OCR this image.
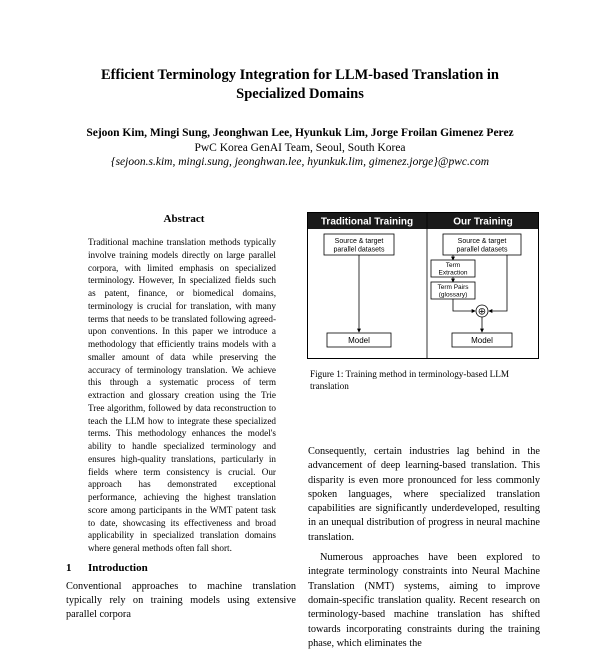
Efficient Terminology Integration for LLM-based Translation in
Specialized Domains
Sejoon Kim, Mingi Sung, Jeonghwan Lee, Hyunkuk Lim, Jorge Froilan Gimenez Perez
PwC Korea GenAI Team, Seoul, South Korea
{sejoon.s.kim, mingi.sung, jeonghwan.lee, hyunkuk.lim, gimenez.jorge}@pwc.com
Abstract
Traditional machine translation methods typically involve training models directly on large parallel corpora, with limited emphasis on specialized terminology. However, In specialized fields such as patent, finance, or biomedical domains, terminology is crucial for translation, with many terms that needs to be translated following agreed-upon conventions. In this paper we introduce a methodology that efficiently trains models with a smaller amount of data while preserving the accuracy of terminology translation. We achieve this through a systematic process of term extraction and glossary creation using the Trie Tree algorithm, followed by data reconstruction to teach the LLM how to integrate these specialized terms. This methodology enhances the model's ability to handle specialized terminology and ensures high-quality translations, particularly in fields where term consistency is crucial. Our approach has demonstrated exceptional performance, achieving the highest translation score among participants in the WMT patent task to date, showcasing its effectiveness and broad applicability in specialized translation domains where general methods often fall short.
1 Introduction
Conventional approaches to machine translation typically rely on training models using extensive parallel corpora
Traditional Training	Our Training
Source & target
parallel datasets
Model
Source & target
parallel datasets
Term
Extraction
Term Pairs
(glossary)
⊕
Model
Figure 1: Training method in terminology-based LLM translation
Consequently, certain industries lag behind in the advancement of deep learning-based translation. This disparity is even more pronounced for less commonly spoken languages, where specialized translation capabilities are significantly underdeveloped, resulting in an unequal distribution of progress in neural machine translation.
Numerous approaches have been explored to integrate terminology constraints into Neural Machine Translation (NMT) systems, aiming to improve domain-specific translation quality. Recent research on terminology-based machine translation has shifted towards incorporating constraints during the training phase, which eliminates the
